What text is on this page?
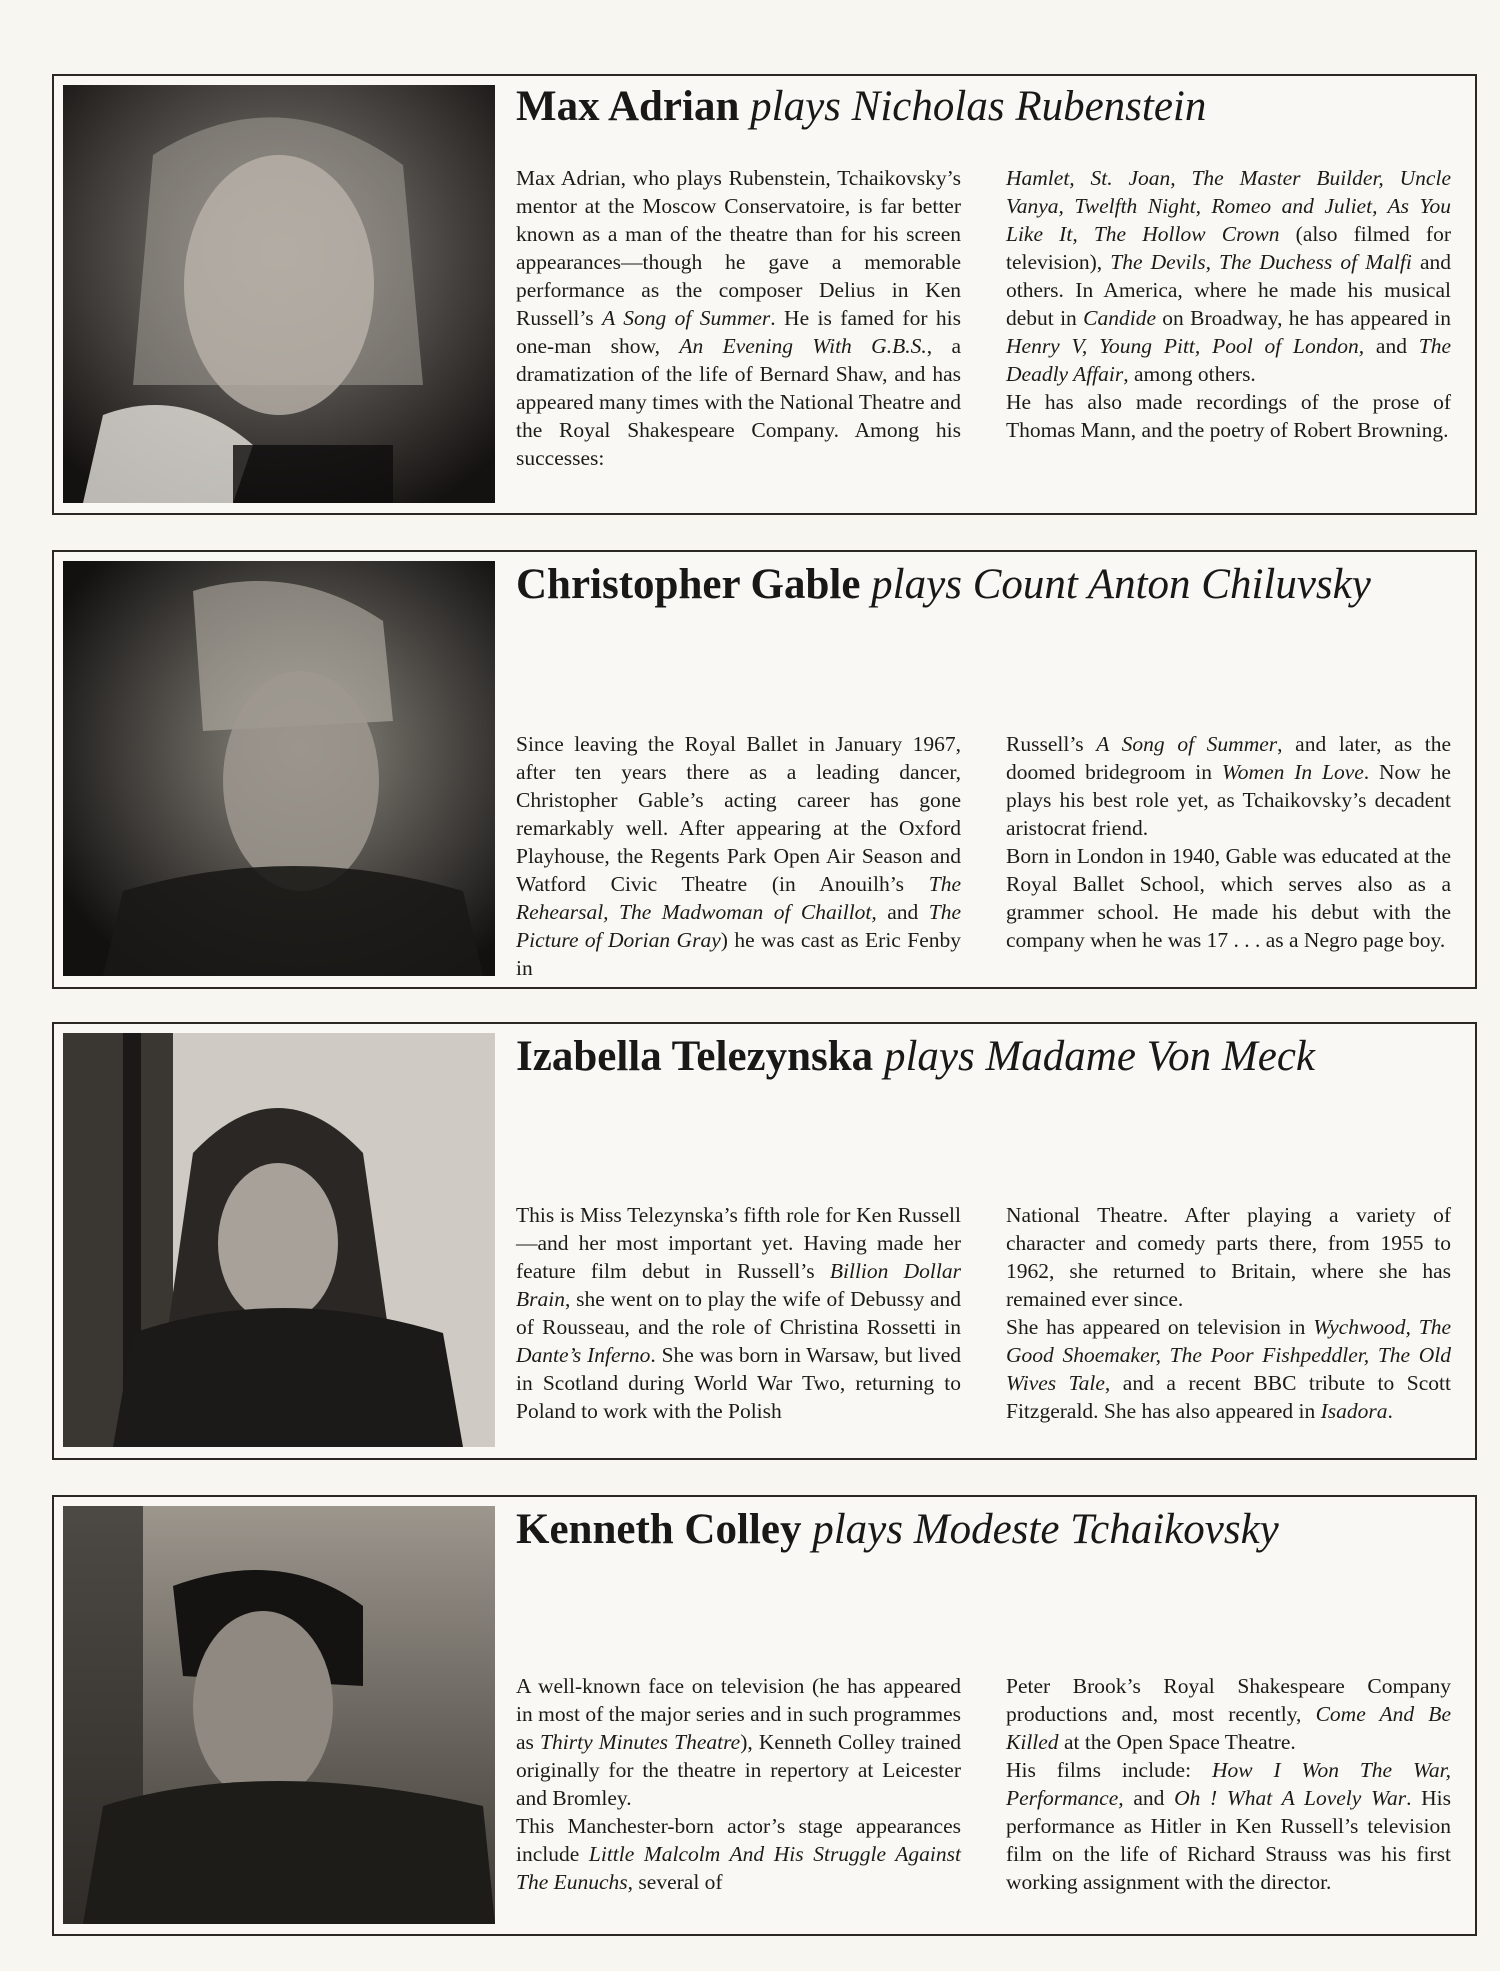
Max Adrian plays Nicholas Rubenstein

Max Adrian, who plays Rubenstein, Tchaikovsky’s mentor at the Moscow Conservatoire, is far better known as a man of the theatre than for his screen appearances—though he gave a memorable performance as the composer Delius in Ken Russell’s A Song of Summer. He is famed for his one-man show, An Evening With G.B.S., a dramatization of the life of Bernard Shaw, and has appeared many times with the National Theatre and the Royal Shakespeare Company. Among his successes:

Hamlet, St. Joan, The Master Builder, Uncle Vanya, Twelfth Night, Romeo and Juliet, As You Like It, The Hollow Crown (also filmed for television), The Devils, The Duchess of Malfi and others. In America, where he made his musical debut in Candide on Broadway, he has appeared in Henry V, Young Pitt, Pool of London, and The Deadly Affair, among others.

He has also made recordings of the prose of Thomas Mann, and the poetry of Robert Browning.

Christopher Gable plays Count Anton Chiluvsky

Since leaving the Royal Ballet in January 1967, after ten years there as a leading dancer, Christopher Gable’s acting career has gone remarkably well. After appearing at the Oxford Playhouse, the Regents Park Open Air Season and Watford Civic Theatre (in Anouilh’s The Rehearsal, The Madwoman of Chaillot, and The Picture of Dorian Gray) he was cast as Eric Fenby in

Russell’s A Song of Summer, and later, as the doomed bridegroom in Women In Love. Now he plays his best role yet, as Tchaikovsky’s decadent aristocrat friend.

Born in London in 1940, Gable was educated at the Royal Ballet School, which serves also as a grammer school. He made his debut with the company when he was 17 . . . as a Negro page boy.

Izabella Telezynska plays Madame Von Meck

This is Miss Telezynska’s fifth role for Ken Russell—and her most important yet. Having made her feature film debut in Russell’s Billion Dollar Brain, she went on to play the wife of Debussy and of Rousseau, and the role of Christina Rossetti in Dante’s Inferno. She was born in Warsaw, but lived in Scotland during World War Two, returning to Poland to work with the Polish

National Theatre. After playing a variety of character and comedy parts there, from 1955 to 1962, she returned to Britain, where she has remained ever since.

She has appeared on television in Wychwood, The Good Shoemaker, The Poor Fishpeddler, The Old Wives Tale, and a recent BBC tribute to Scott Fitzgerald. She has also appeared in Isadora.

Kenneth Colley plays Modeste Tchaikovsky

A well-known face on television (he has appeared in most of the major series and in such programmes as Thirty Minutes Theatre), Kenneth Colley trained originally for the theatre in repertory at Leicester and Bromley.

This Manchester-born actor’s stage appearances include Little Malcolm And His Struggle Against The Eunuchs, several of

Peter Brook’s Royal Shakespeare Company productions and, most recently, Come And Be Killed at the Open Space Theatre.

His films include: How I Won The War, Performance, and Oh ! What A Lovely War. His performance as Hitler in Ken Russell’s television film on the life of Richard Strauss was his first working assignment with the director.
